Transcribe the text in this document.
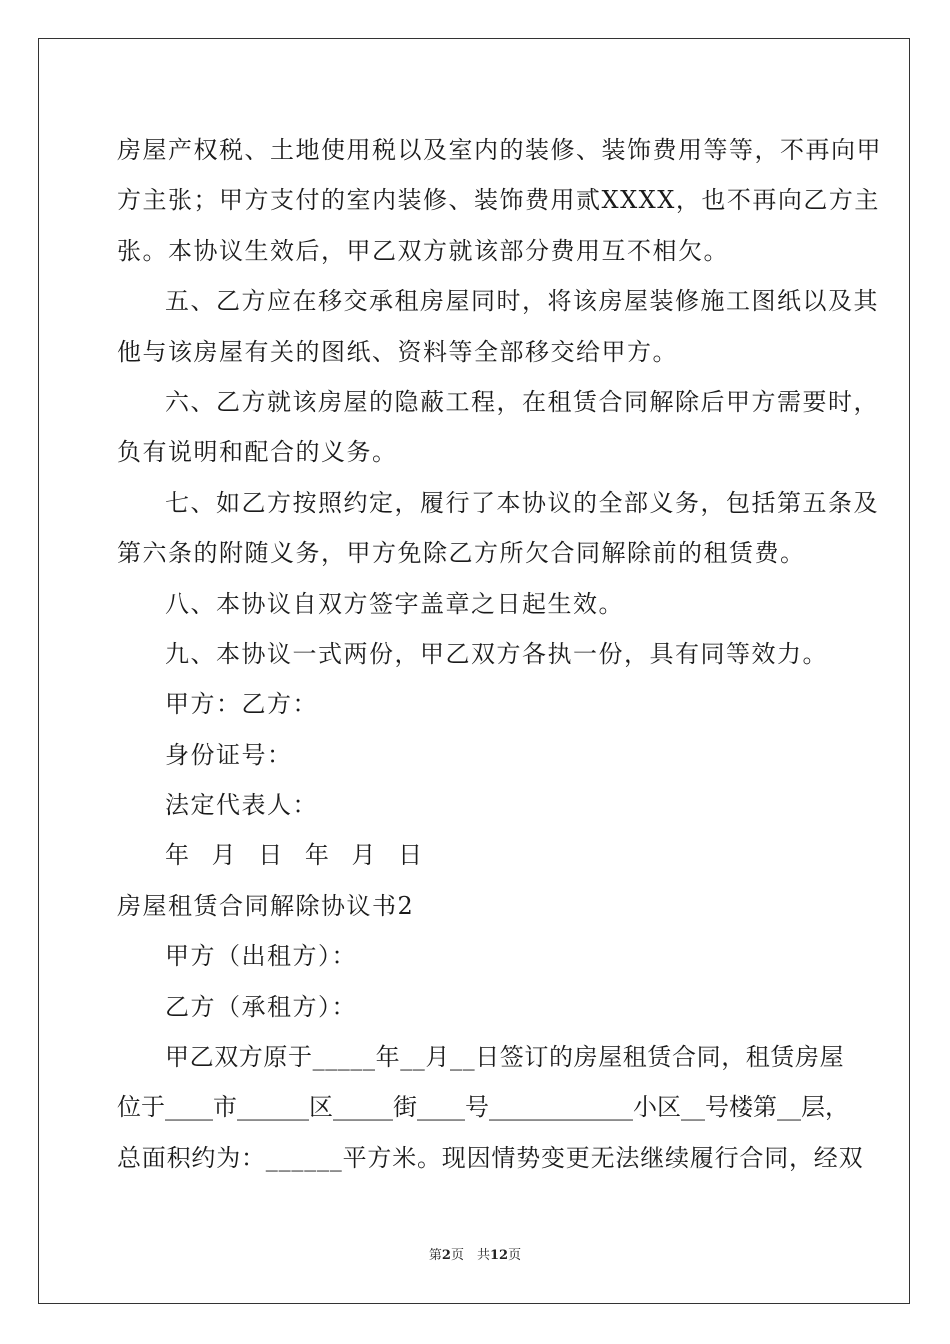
房屋产权税、土地使用税以及室内的装修、装饰费用等等，不再向甲
方主张；甲方支付的室内装修、装饰费用贰XXXX，也不再向乙方主
张。本协议生效后，甲乙双方就该部分费用互不相欠。
五、乙方应在移交承租房屋同时，将该房屋装修施工图纸以及其
他与该房屋有关的图纸、资料等全部移交给甲方。
六、乙方就该房屋的隐蔽工程，在租赁合同解除后甲方需要时，
负有说明和配合的义务。
七、如乙方按照约定，履行了本协议的全部义务，包括第五条及
第六条的附随义务，甲方免除乙方所欠合同解除前的租赁费。
八、本协议自双方签字盖章之日起生效。
九、本协议一式两份，甲乙双方各执一份，具有同等效力。
甲方：乙方：
身份证号：
法定代表人：
年 月 日 年 月 日
房屋租赁合同解除协议书2
甲方（出租方）：
乙方（承租方）：
甲乙双方原于_____年__月__日签订的房屋租赁合同，租赁房屋
位于____市______区_____街____号____________小区__号楼第__层，
总面积约为：______平方米。现因情势变更无法继续履行合同，经双
第2页　共12页
